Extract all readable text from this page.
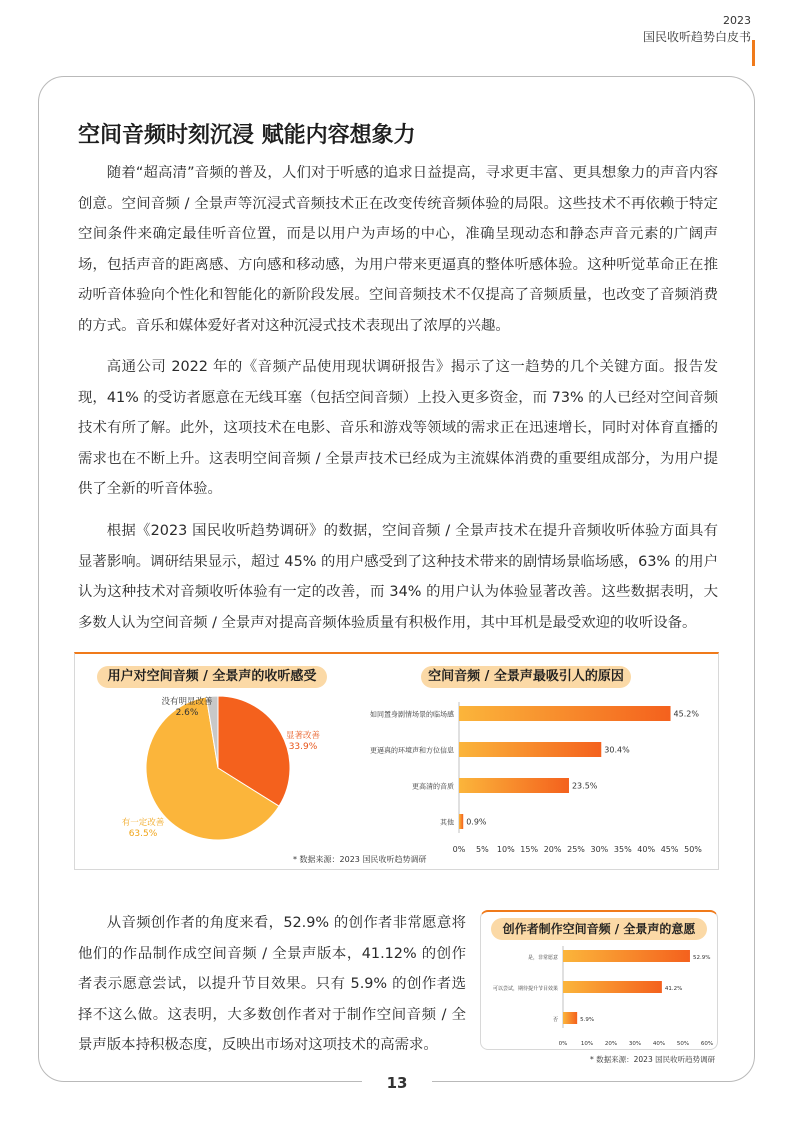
2023
国民收听趋势白皮书
13
空间音频时刻沉浸 赋能内容想象力

随着“超高清”音频的普及，人们对于听感的追求日益提高，寻求更丰富、更具想象力的声音内容创意。空间音频 / 全景声等沉浸式音频技术正在改变传统音频体验的局限。这些技术不再依赖于特定空间条件来确定最佳听音位置，而是以用户为声场的中心，准确呈现动态和静态声音元素的广阔声场，包括声音的距离感、方向感和移动感，为用户带来更逼真的整体听感体验。这种听觉革命正在推动听音体验向个性化和智能化的新阶段发展。空间音频技术不仅提高了音频质量，也改变了音频消费的方式。音乐和媒体爱好者对这种沉浸式技术表现出了浓厚的兴趣。

高通公司 2022 年的《音频产品使用现状调研报告》揭示了这一趋势的几个关键方面。报告发现，41% 的受访者愿意在无线耳塞（包括空间音频）上投入更多资金，而 73% 的人已经对空间音频技术有所了解。此外，这项技术在电影、音乐和游戏等领域的需求正在迅速增长，同时对体育直播的需求也在不断上升。这表明空间音频 / 全景声技术已经成为主流媒体消费的重要组成部分，为用户提供了全新的听音体验。

根据《2023 国民收听趋势调研》的数据，空间音频 / 全景声技术在提升音频收听体验方面具有显著影响。调研结果显示，超过 45% 的用户感受到了这种技术带来的剧情场景临场感，63% 的用户认为这种技术对音频收听体验有一定的改善，而 34% 的用户认为体验显著改善。这些数据表明，大多数人认为空间音频 / 全景声对提高音频体验质量有积极作用，其中耳机是最受欢迎的收听设备。

用户对空间音频 / 全景声的收听感受	空间音频 / 全景声最吸引人的原因
显著改善
33.9%
有一定改善
63.5%
没有明显改善
2.6%
0% 5% 10% 15% 20% 25% 30% 35% 40% 45% 50%
如同置身剧情场景的临场感	45.2%
更逼真的环境声和方位信息	30.4%
更高清的音质	23.5%
其他 0.9%
* 数据来源：2023 国民收听趋势调研

从音频创作者的角度来看，52.9% 的创作者非常愿意将他们的作品制作成空间音频 / 全景声版本，41.12% 的创作者表示愿意尝试，以提升节目效果。只有 5.9% 的创作者选择不这么做。这表明，大多数创作者对于制作空间音频 / 全景声版本持积极态度，反映出市场对这项技术的高需求。

创作者制作空间音频 / 全景声的意愿
0% 10% 20% 30% 40% 50% 60%
是，非常愿意	52.9%
可以尝试，期待提升节目效果	41.2%
否	5.9%
* 数据来源：2023 国民收听趋势调研
